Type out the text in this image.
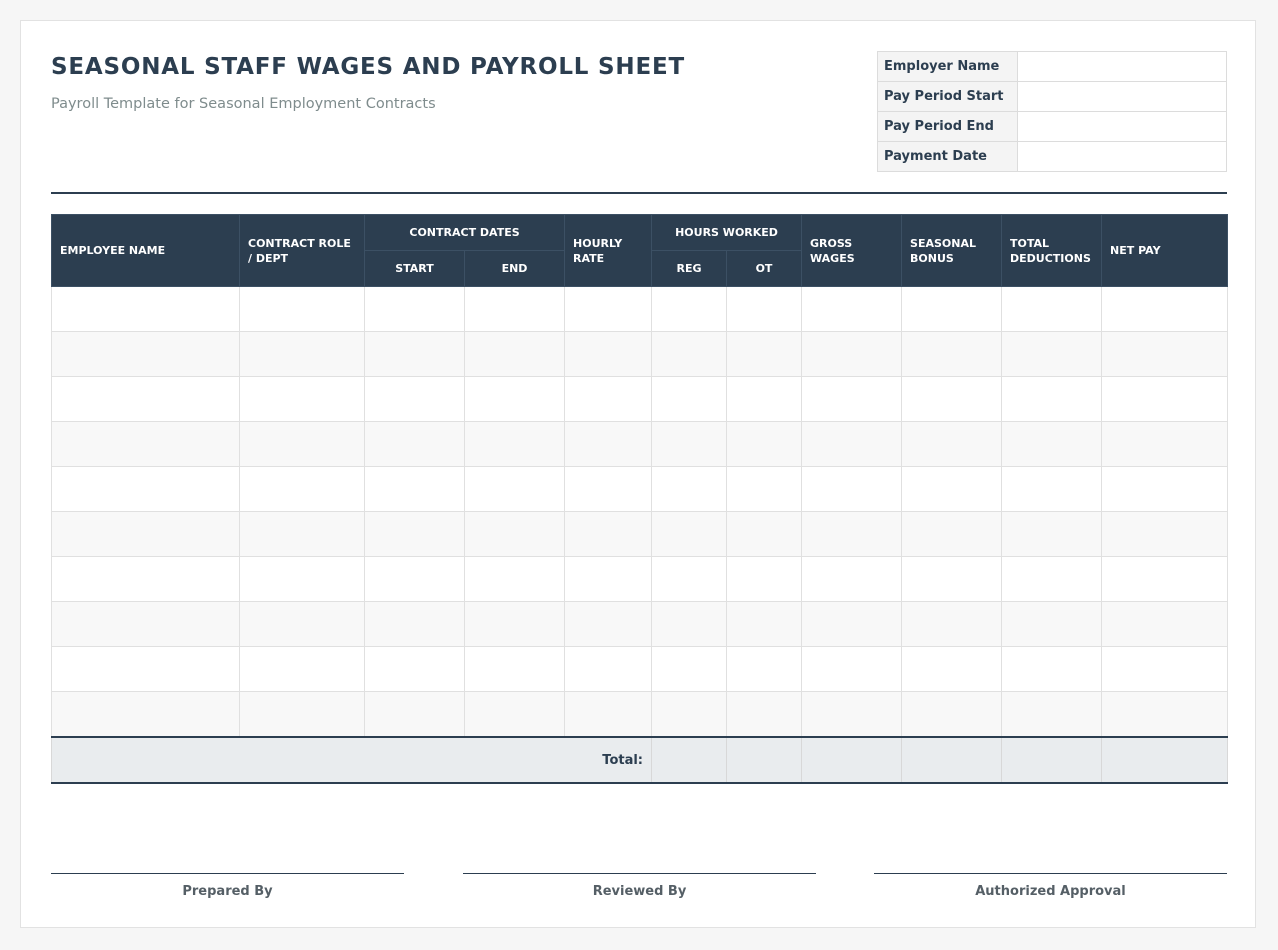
SEASONAL STAFF WAGES AND PAYROLL SHEET
Payroll Template for Seasonal Employment Contracts
Employer Name	
Pay Period Start	
Pay Period End	
Payment Date	
EMPLOYEE NAME	CONTRACT ROLE / DEPT	CONTRACT DATES		HOURLY RATE	HOURS WORKED		GROSS WAGES	SEASONAL BONUS	TOTAL DEDUCTIONS	NET PAY	
		START	END		REG	OT					

Total:											
Prepared By	Reviewed By	Authorized Approval
